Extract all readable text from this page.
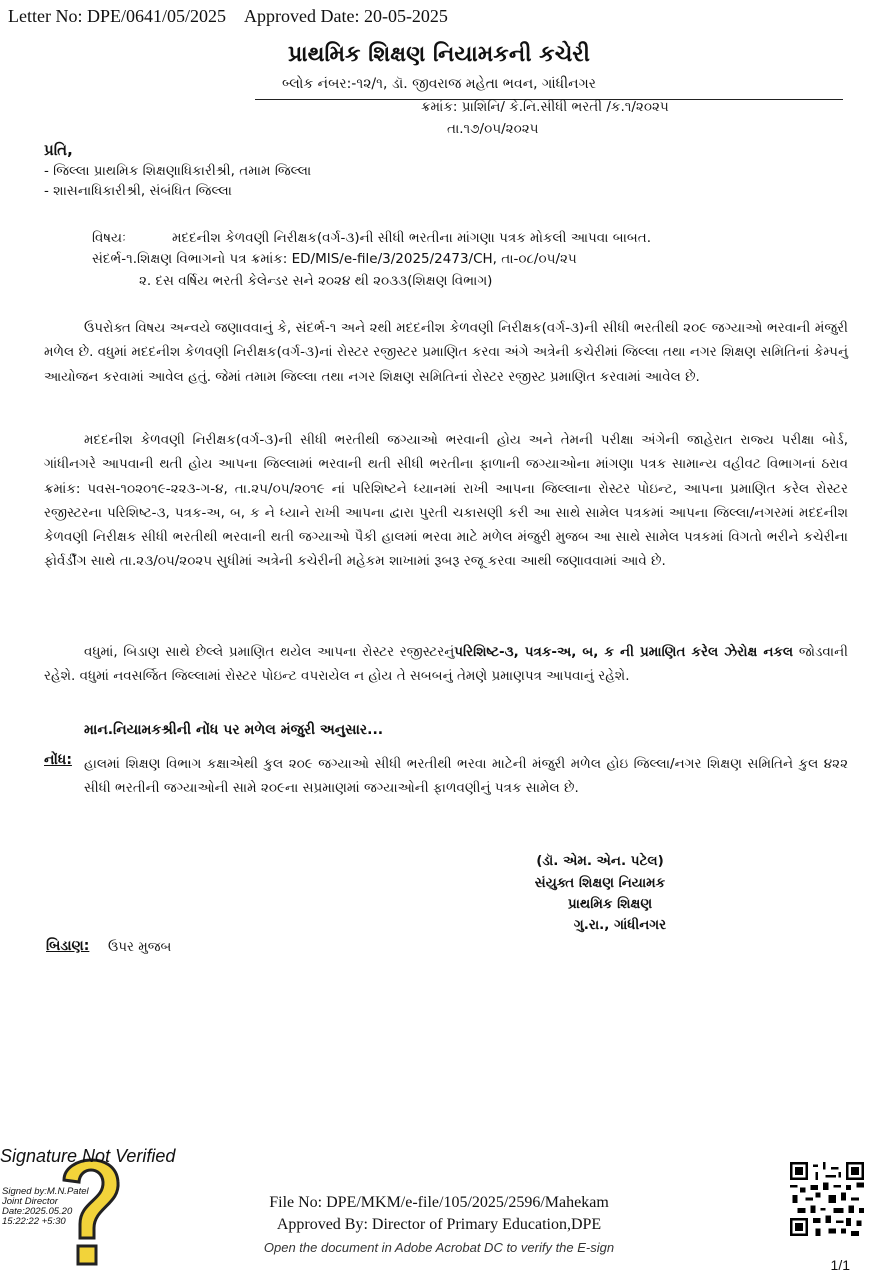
Letter No: DPE/0641/05/2025 Approved Date: 20-05-2025
પ્રાથમિક શિક્ષણ નિયામકની કચેરી
બ્લોક નંબર:-૧૨/૧, ડૉ. જીવરાજ મહેતા ભવન, ગાંધીનગર
ક્રમાંક: પ્રાશિનિ/ કે.નિ.સીધી ભરતી /ક.૧/૨૦૨૫
તા.૧૭/૦૫/૨૦૨૫
પ્રતિ,
- જિલ્લા પ્રાથમિક શિક્ષણાધિકારીશ્રી, તમામ જિલ્લા
- શાસનાધિકારીશ્રી, સંબંધિત જિલ્લા
વિષયઃ	મદદનીશ કેળવણી નિરીક્ષક(વર્ગ-૩)ની સીધી ભરતીના માંગણા પત્રક મોકલી આપવા બાબત.
સંદર્ભ-૧.શિક્ષણ વિભાગનો પત્ર ક્રમાંક: ED/MIS/e-file/3/2025/2473/CH, તા-૦૮/૦૫/૨૫
૨. દસ વર્ષિય ભરતી કેલેન્ડર સને ૨૦૨૪ થી ૨૦૩૩(શિક્ષણ વિભાગ)
ઉપરોક્ત વિષય અન્વયે જણાવવાનું કે, સંદર્ભ-૧ અને ૨થી મદદનીશ કેળવણી નિરીક્ષક(વર્ગ-૩)ની સીધી ભરતીથી ૨૦૯ જગ્યાઓ ભરવાની મંજુરી મળેલ છે. વધુમાં મદદનીશ કેળવણી નિરીક્ષક(વર્ગ-૩)નાં રોસ્ટર રજીસ્ટર પ્રમાણિત કરવા અંગે અત્રેની કચેરીમાં જિલ્લા તથા નગર શિક્ષણ સમિતિનાં કેમ્પનું આયોજન કરવામાં આવેલ હતું. જેમાં તમામ જિલ્લા તથા નગર શિક્ષણ સમિતિનાં રોસ્ટર રજીસ્ટ પ્રમાણિત કરવામાં આવેલ છે.
મદદનીશ કેળવણી નિરીક્ષક(વર્ગ-૩)ની સીધી ભરતીથી જગ્યાઓ ભરવાની હોય અને તેમની પરીક્ષા અંગેની જાહેરાત રાજ્ય પરીક્ષા બોર્ડ, ગાંધીનગરે આપવાની થતી હોય આપના જિલ્લામાં ભરવાની થતી સીધી ભરતીના ફાળાની જગ્યાઓના માંગણા પત્રક સામાન્ય વહીવટ વિભાગનાં ઠરાવ ક્રમાંક: પવસ-૧૦૨૦૧૯-૨૨૩-ગ-૪, તા.૨૫/૦૫/૨૦૧૯ નાં પરિશિષ્ટને ધ્યાનમાં રાખી આપના જિલ્લાના રોસ્ટર પોઇન્ટ, આપના પ્રમાણિત કરેલ રોસ્ટર રજીસ્ટરના પરિશિષ્ટ-૩, પત્રક-અ, બ, ક ને ધ્યાને રાખી આપના દ્વારા પુરતી ચકાસણી કરી આ સાથે સામેલ પત્રકમાં આપના જિલ્લા/નગરમાં મદદનીશ કેળવણી નિરીક્ષક સીધી ભરતીથી ભરવાની થતી જગ્યાઓ પૈકી હાલમાં ભરવા માટે મળેલ મંજુરી મુજબ આ સાથે સામેલ પત્રકમાં વિગતો ભરીને કચેરીના ફોર્વર્ડીંગ સાથે તા.૨૩/૦૫/૨૦૨૫ સુધીમાં અત્રેની કચેરીની મહેકમ શાખામાં રૂબરૂ રજૂ કરવા આથી જણાવવામાં આવે છે.
વધુમાં, બિડાણ સાથે છેલ્લે પ્રમાણિત થયેલ આપના રોસ્ટર રજીસ્ટરનુંપરિશિષ્ટ-૩, પત્રક-અ, બ, ક ની પ્રમાણિત કરેલ ઝેરોક્ષ નકલ જોડવાની રહેશે. વધુમાં નવસર્જિત જિલ્લામાં રોસ્ટર પોઇન્ટ વપરાયેલ ન હોય તે સબબનું તેમણે પ્રમાણપત્ર આપવાનું રહેશે.
માન.નિયામકશ્રીની નોંધ પર મળેલ મંજુરી અનુસાર...
નોંધ: હાલમાં શિક્ષણ વિભાગ કક્ષાએથી કુલ ૨૦૯ જગ્યાઓ સીધી ભરતીથી ભરવા માટેની મંજુરી મળેલ હોઇ જિલ્લા/નગર શિક્ષણ સમિતિને કુલ ૪૨૨ સીધી ભરતીની જગ્યાઓની સામે ૨૦૯ના સપ્રમાણમાં જગ્યાઓની ફાળવણીનું પત્રક સામેલ છે.
(ડૉ. એમ. એન. પટેલ)
સંયુક્ત શિક્ષણ નિયામક
પ્રાથમિક શિક્ષણ
ગુ.રા., ગાંધીનગર
બિડાણ: ઉપર મુજબ
Signature Not Verified
Signed by:M.N.Patel
Joint Director
Date:2025.05.20
15:22:22 +5:30
File No: DPE/MKM/e-file/105/2025/2596/Mahekam
Approved By: Director of Primary Education,DPE
Open the document in Adobe Acrobat DC to verify the E-sign
1/1
